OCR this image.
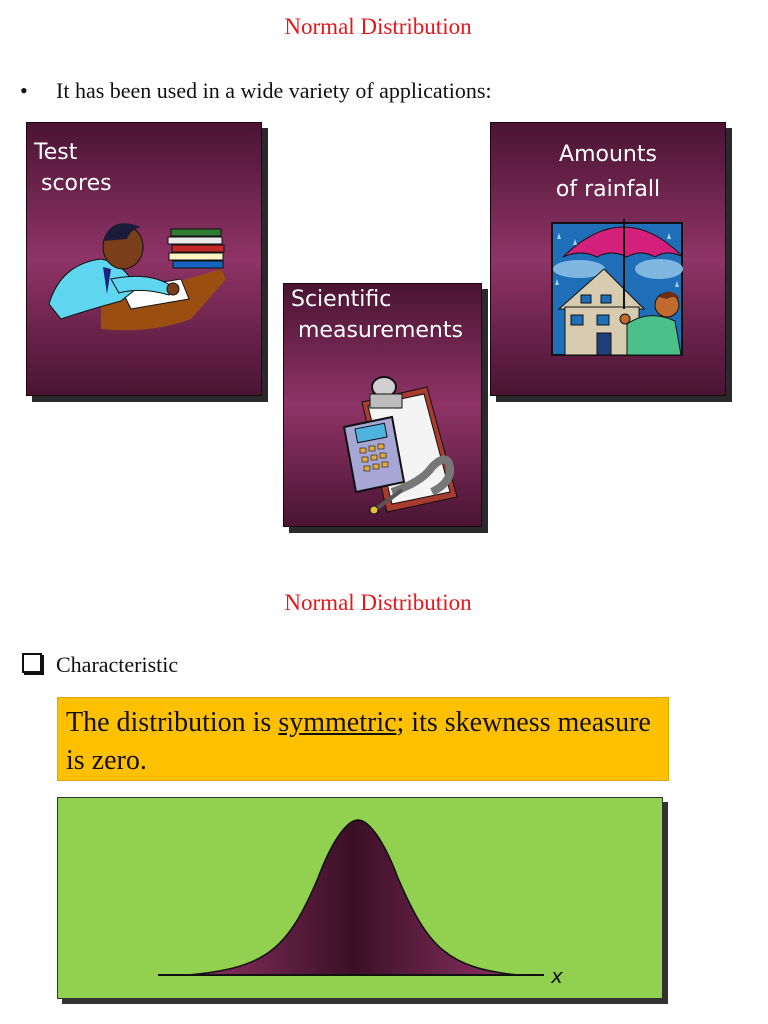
Normal Distribution
• It has been used in a wide variety of applications:
Test
scores
Scientific
measurements
Amounts
of rainfall
Normal Distribution
Characteristic
The distribution is symmetric; its skewness measure is zero.
x
